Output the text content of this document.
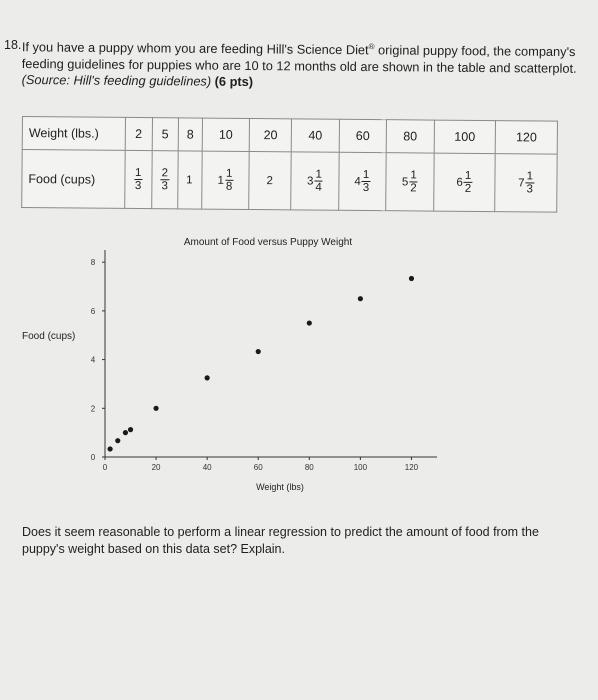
18. If you have a puppy whom you are feeding Hill's Science Diet® original puppy food, the company's feeding guidelines for puppies who are 10 to 12 months old are shown in the table and scatterplot. (Source: Hill's feeding guidelines) (6 pts)
Weight (lbs.)	2	5	8	10	20	40	60	80	100	120
Food (cups)	$\frac{1}{3}$	$\frac{2}{3}$	1	$1 \frac{1}{8}$	2	$3 \frac{1}{4}$	$4 \frac{1}{3}$	$5 \frac{1}{2}$	$6 \frac{1}{2}$	$7 \frac{1}{3}$
Amount of Food versus Puppy Weight
Food (cups)
Weight (lbs)
0	20	40	60	80	100	120
0
2
4
6
8
Does it seem reasonable to perform a linear regression to predict the amount of food from the puppy's weight based on this data set? Explain.
